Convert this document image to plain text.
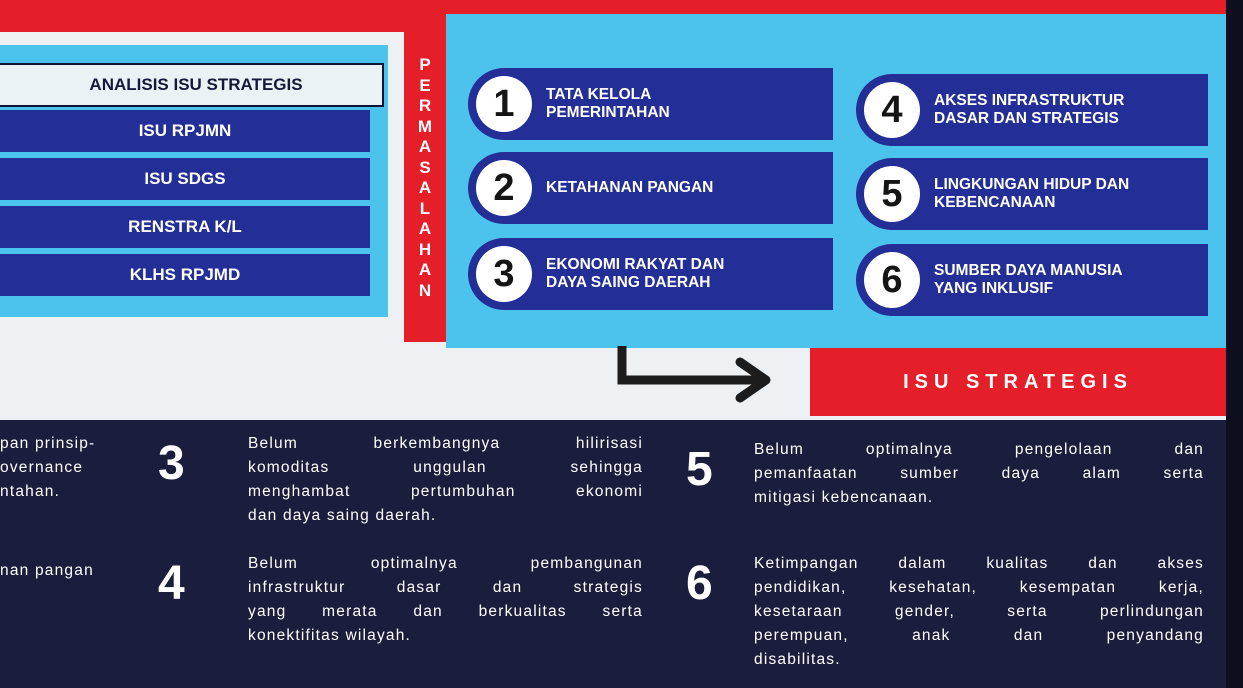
ANALISIS ISU STRATEGIS
ISU RPJMN
ISU SDGS
RENSTRA K/L
KLHS RPJMD
P
E
R
M
A
S
A
L
A
H
A
N
1	TATA KELOLA
PEMERINTAHAN
2	KETAHANAN PANGAN
3	EKONOMI RAKYAT DAN
DAYA SAING DAERAH
4	AKSES INFRASTRUKTUR
DASAR DAN STRATEGIS
5	LINGKUNGAN HIDUP DAN
KEBENCANAAN
6	SUMBER DAYA MANUSIA
YANG INKLUSIF
ISU STRATEGIS
pan prinsip-
overnance
ntahan.
nan pangan
3	Belum berkembangnya hilirisasi
komoditas unggulan sehingga
menghambat pertumbuhan ekonomi
dan daya saing daerah.
4	Belum optimalnya pembangunan
infrastruktur dasar dan strategis
yang merata dan berkualitas serta
konektifitas wilayah.
5	Belum optimalnya pengelolaan dan
pemanfaatan sumber daya alam serta
mitigasi kebencanaan.
6	Ketimpangan dalam kualitas dan akses
pendidikan, kesehatan, kesempatan kerja,
kesetaraan gender, serta perlindungan
perempuan, anak dan penyandang
disabilitas.
